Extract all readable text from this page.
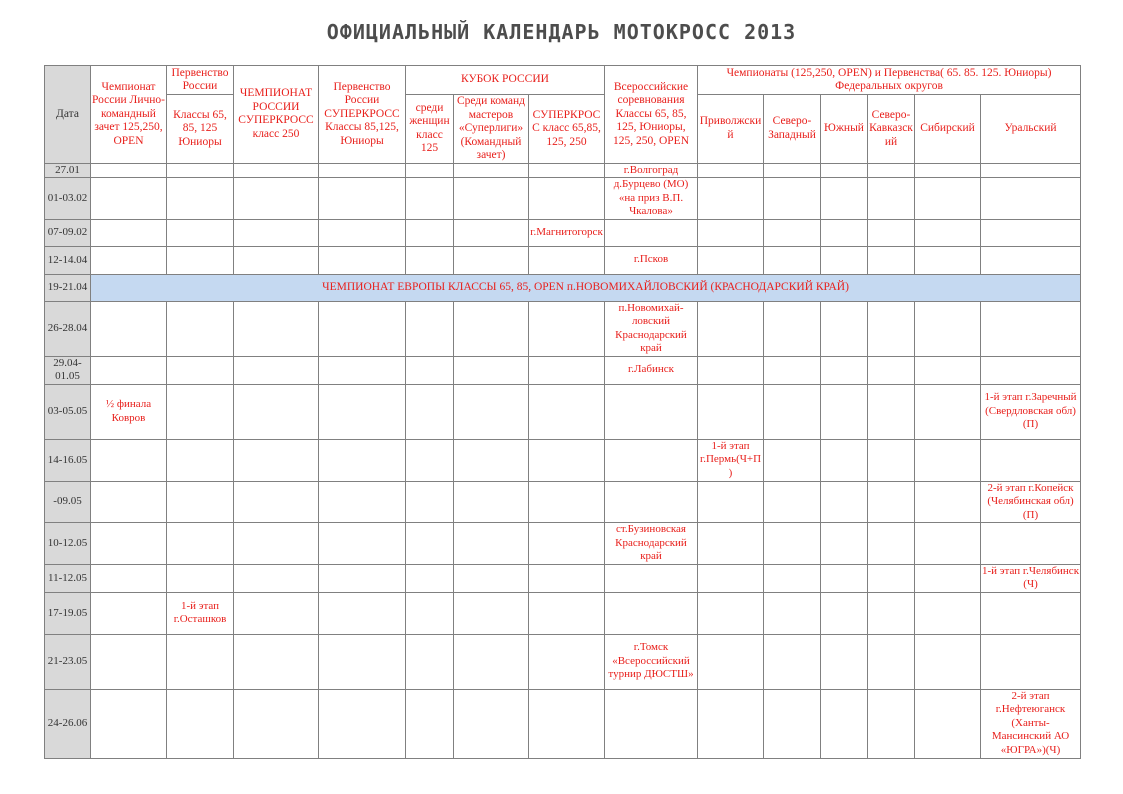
ОФИЦИАЛЬНЫЙ КАЛЕНДАРЬ МОТОКРОСС 2013
Дата	Чемпионат России Лично-командный зачет 125,250, OPEN	Первенство России	ЧЕМПИОНАТ РОССИИ СУПЕРКРОСС класс 250	Первенство России СУПЕРКРОСС Классы 85,125, Юниоры	КУБОК РОССИИ			Всероссийские соревнования Классы 65, 85, 125, Юниоры, 125, 250, OPEN	Чемпионаты (125,250, OPEN) и Первенства( 65. 85. 125. Юниоры) Федеральных округов					
		Классы 65, 85, 125 Юниоры			среди женщин класс 125	Среди команд мастеров «Суперлиги» (Командный зачет)	СУПЕРКРОСС класс 65,85, 125, 250		Приволжский	Северо-Западный	Южный	Северо-Кавказский	Сибирский	Уральский
27.01								г.Волгоград						
01-03.02								д.Бурцево (МО) «на приз В.П. Чкалова»						
07-09.02							г.Магнитогорск							
12-14.04								г.Псков						
19-21.04	ЧЕМПИОНАТ ЕВРОПЫ КЛАССЫ 65, 85, OPEN п.НОВОМИХАЙЛОВСКИЙ (КРАСНОДАРСКИЙ КРАЙ)													
26-28.04								п.Новомихай-ловский Краснодарский край						
29.04-01.05								г.Лабинск						
03-05.05	½ финала Ковров													1-й этап г.Заречный (Свердловская обл)(П)
14-16.05									1-й этап г.Пермь(Ч+П)					
-09.05														2-й этап г.Копейск (Челябинская обл)(П)
10-12.05								ст.Бузиновская Краснодарский край						
11-12.05														1-й этап г.Челябинск (Ч)
17-19.05		1-й этап г.Осташков												
21-23.05								г.Томск «Всероссийский турнир ДЮСТШ»						
24-26.06														2-й этап г.Нефтеюганск (Ханты-Мансинский АО «ЮГРА»)(Ч)
